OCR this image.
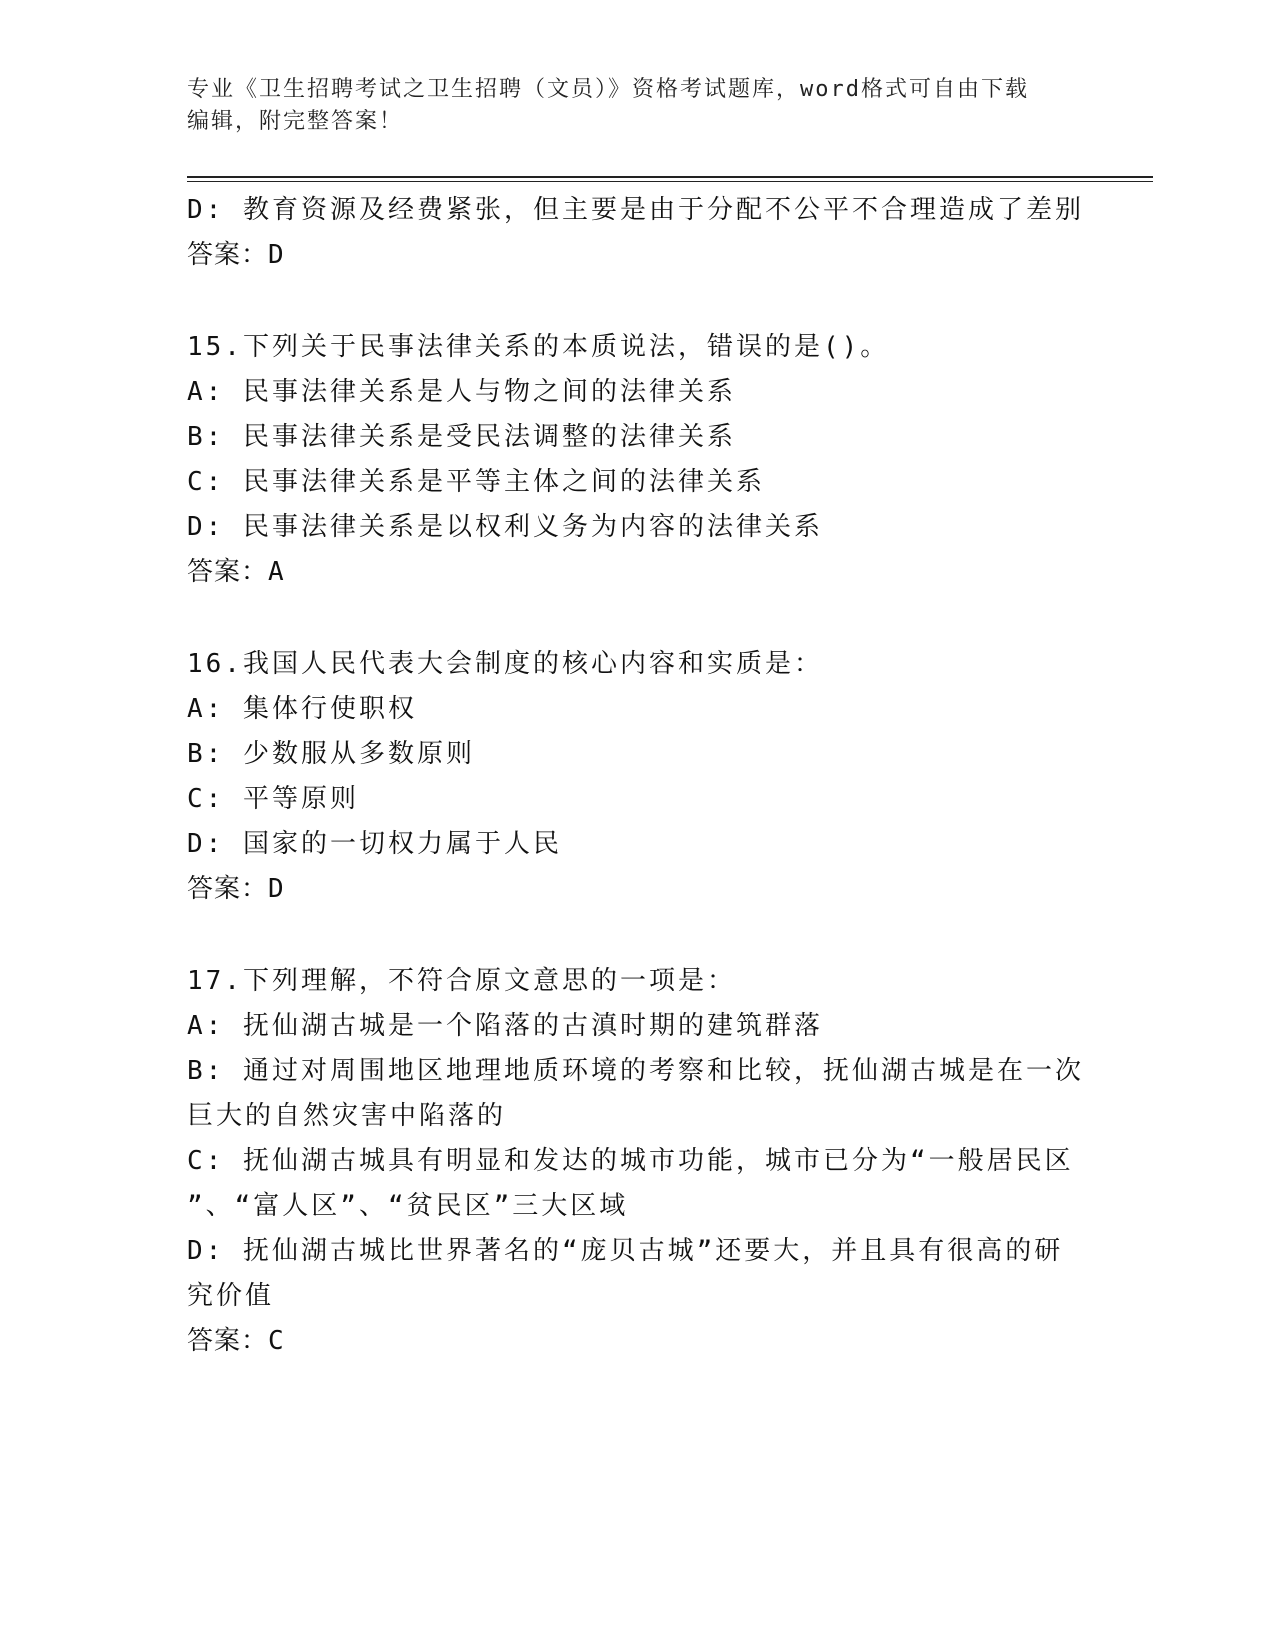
专业《卫生招聘考试之卫生招聘（文员）》资格考试题库，word格式可自由下载
编辑，附完整答案！
D: 教育资源及经费紧张，但主要是由于分配不公平不合理造成了差别
答案：D
15.下列关于民事法律关系的本质说法，错误的是()。
A: 民事法律关系是人与物之间的法律关系
B: 民事法律关系是受民法调整的法律关系
C: 民事法律关系是平等主体之间的法律关系
D: 民事法律关系是以权利义务为内容的法律关系
答案：A
16.我国人民代表大会制度的核心内容和实质是：
A: 集体行使职权
B: 少数服从多数原则
C: 平等原则
D: 国家的一切权力属于人民
答案：D
17.下列理解，不符合原文意思的一项是：
A: 抚仙湖古城是一个陷落的古滇时期的建筑群落
B: 通过对周围地区地理地质环境的考察和比较，抚仙湖古城是在一次
巨大的自然灾害中陷落的
C: 抚仙湖古城具有明显和发达的城市功能，城市已分为“一般居民区
”、“富人区”、“贫民区”三大区域
D: 抚仙湖古城比世界著名的“庞贝古城”还要大，并且具有很高的研
究价值
答案：C
